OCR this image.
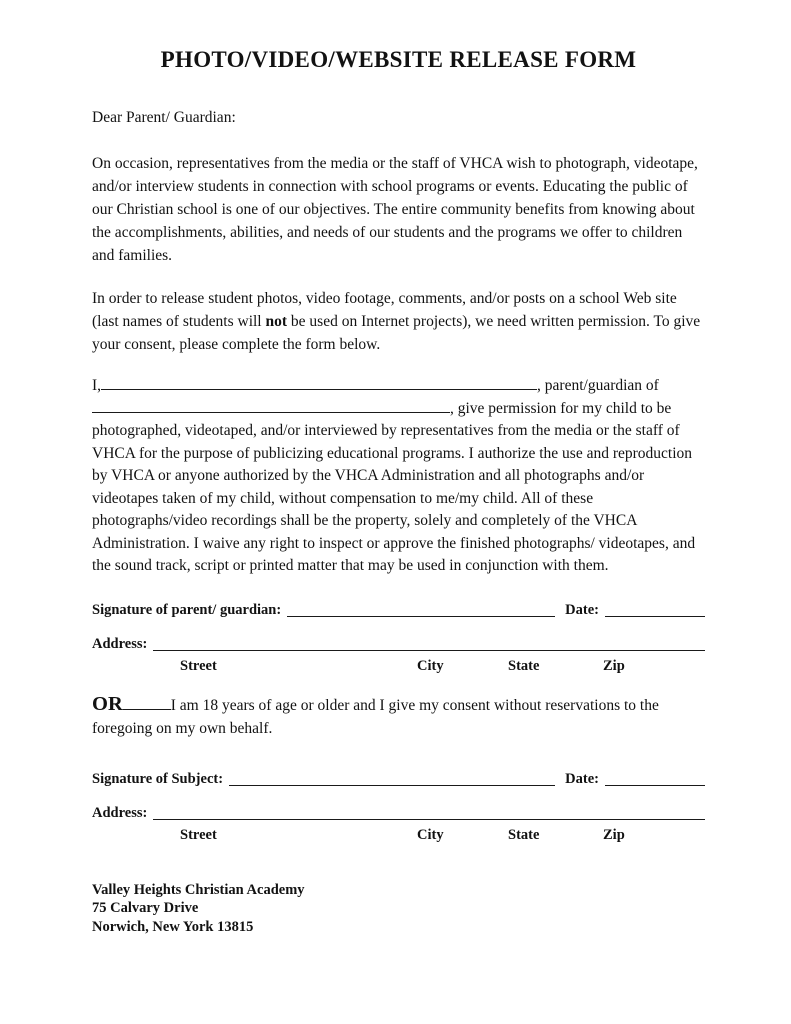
PHOTO/VIDEO/WEBSITE RELEASE FORM

Dear Parent/ Guardian:

On occasion, representatives from the media or the staff of VHCA wish to photograph, videotape, and/or interview students in connection with school programs or events. Educating the public of our Christian school is one of our objectives. The entire community benefits from knowing about the accomplishments, abilities, and needs of our students and the programs we offer to children and families.

In order to release student photos, video footage, comments, and/or posts on a school Web site (last names of students will not be used on Internet projects), we need written permission. To give your consent, please complete the form below.

I,	, parent/guardian of , give permission for my child to be photographed, videotaped, and/or interviewed by representatives from the media or the staff of VHCA for the purpose of publicizing educational programs. I authorize the use and reproduction by VHCA or anyone authorized by the VHCA Administration and all photographs and/or videotapes taken of my child, without compensation to me/my child. All of these photographs/video recordings shall be the property, solely and completely of the VHCA Administration. I waive any right to inspect or approve the finished photographs/ videotapes, and the sound track, script or printed matter that may be used in conjunction with them.

Signature of parent/ guardian:	Date:
Address:
Street	City	State	Zip

OR	I am 18 years of age or older and I give my consent without reservations to the foregoing on my own behalf.

Signature of Subject:	Date:
Address:
Street	City	State	Zip
Valley Heights Christian Academy
75 Calvary Drive
Norwich, New York 13815
